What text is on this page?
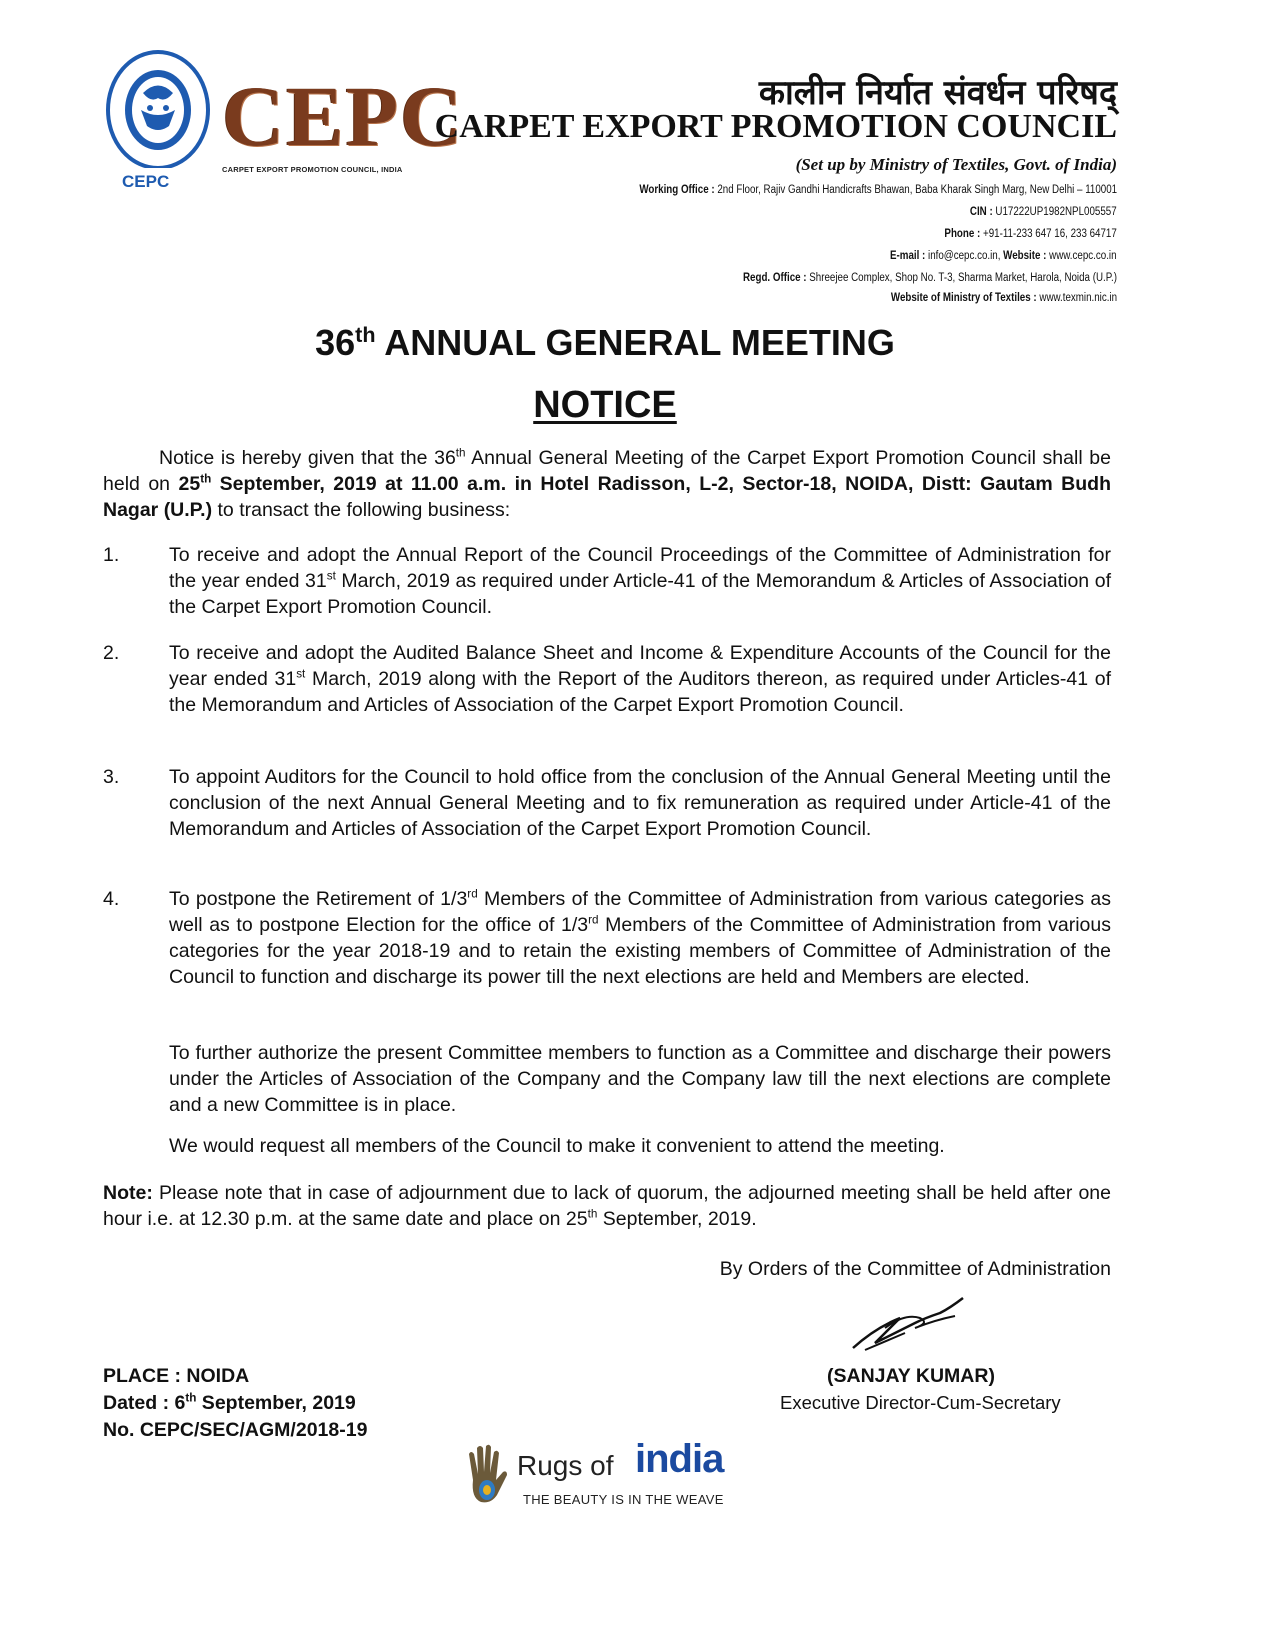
CEPC
CEPC
CARPET EXPORT PROMOTION COUNCIL, INDIA
कालीन निर्यात संवर्धन परिषद्
CARPET EXPORT PROMOTION COUNCIL
(Set up by Ministry of Textiles, Govt. of India)
Working Office : 2nd Floor, Rajiv Gandhi Handicrafts Bhawan, Baba Kharak Singh Marg, New Delhi – 110001
CIN : U17222UP1982NPL005557
Phone : +91-11-233 647 16, 233 64717
E-mail : info@cepc.co.in, Website : www.cepc.co.in
Regd. Office : Shreejee Complex, Shop No. T-3, Sharma Market, Harola, Noida (U.P.)
Website of Ministry of Textiles : www.texmin.nic.in
36th ANNUAL GENERAL MEETING
NOTICE
Notice is hereby given that the 36th Annual General Meeting of the Carpet Export Promotion Council shall be held on 25th September, 2019 at 11.00 a.m. in Hotel Radisson, L-2, Sector-18, NOIDA, Distt: Gautam Budh Nagar (U.P.) to transact the following business:
1.	To receive and adopt the Annual Report of the Council Proceedings of the Committee of Administration for the year ended 31st March, 2019 as required under Article-41 of the Memorandum & Articles of Association of the Carpet Export Promotion Council.
2.	To receive and adopt the Audited Balance Sheet and Income & Expenditure Accounts of the Council for the year ended 31st March, 2019 along with the Report of the Auditors thereon, as required under Articles-41 of the Memorandum and Articles of Association of the Carpet Export Promotion Council.
3.	To appoint Auditors for the Council to hold office from the conclusion of the Annual General Meeting until the conclusion of the next Annual General Meeting and to fix remuneration as required under Article-41 of the Memorandum and Articles of Association of the Carpet Export Promotion Council.
4.	To postpone the Retirement of 1/3rd Members of the Committee of Administration from various categories as well as to postpone Election for the office of 1/3rd Members of the Committee of Administration from various categories for the year 2018-19 and to retain the existing members of Committee of Administration of the Council to function and discharge its power till the next elections are held and Members are elected.
To further authorize the present Committee members to function as a Committee and discharge their powers under the Articles of Association of the Company and the Company law till the next elections are complete and a new Committee is in place.
We would request all members of the Council to make it convenient to attend the meeting.
Note: Please note that in case of adjournment due to lack of quorum, the adjourned meeting shall be held after one hour i.e. at 12.30 p.m. at the same date and place on 25th September, 2019.
By Orders of the Committee of Administration
(SANJAY KUMAR)
Executive Director-Cum-Secretary
PLACE : NOIDA
Dated : 6th September, 2019
No. CEPC/SEC/AGM/2018-19
Rugs of india
THE BEAUTY IS IN THE WEAVE
